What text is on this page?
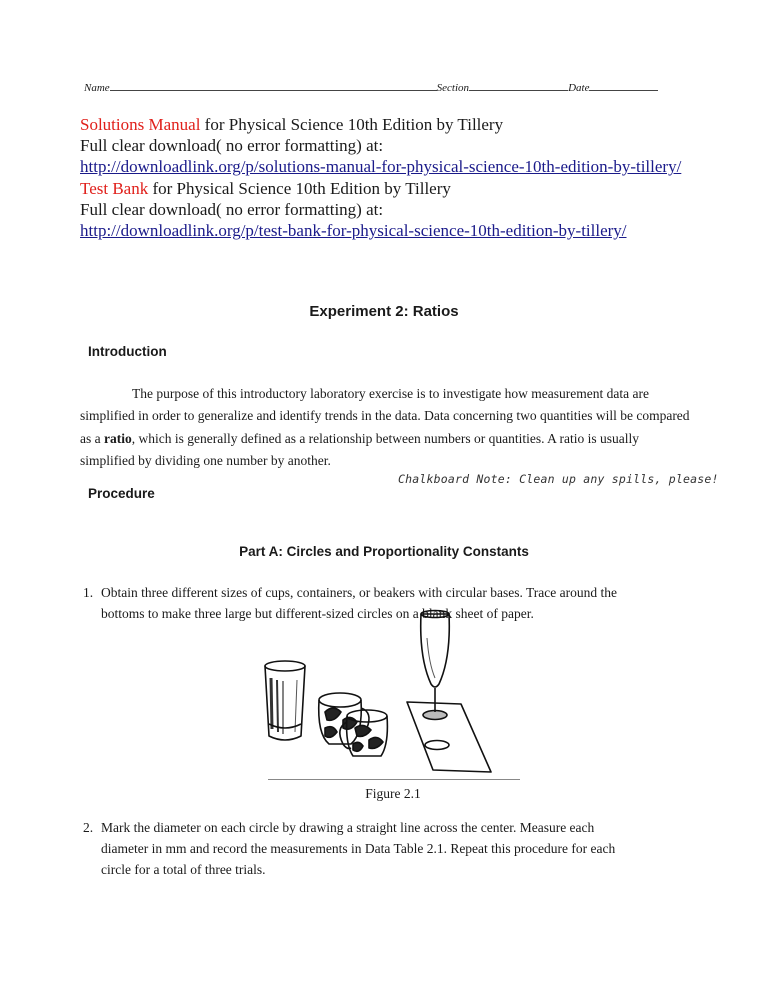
Name	Section	Date

Solutions Manual for Physical Science 10th Edition by Tillery

Full clear download( no error formatting) at:

http://downloadlink.org/p/solutions-manual-for-physical-science-10th-edition-by-tillery/

Test Bank for Physical Science 10th Edition by Tillery

Full clear download( no error formatting) at:

http://downloadlink.org/p/test-bank-for-physical-science-10th-edition-by-tillery/

Experiment 2: Ratios
Introduction

The purpose of this introductory laboratory exercise is to investigate how measurement data are simplified in order to generalize and identify trends in the data. Data concerning two quantities will be compared as a ratio, which is generally defined as a relationship between numbers or quantities. A ratio is usually simplified by dividing one number by another.

Chalkboard Note: Clean up any spills, please!
Procedure
Part A: Circles and Proportionality Constants
1. Obtain three different sizes of cups, containers, or beakers with circular bases. Trace around the
bottoms to make three large but different-sized circles on a blank sheet of paper.
Figure 2.1
2. Mark the diameter on each circle by drawing a straight line across the center. Measure each
diameter in mm and record the measurements in Data Table 2.1. Repeat this procedure for each
circle for a total of three trials.
